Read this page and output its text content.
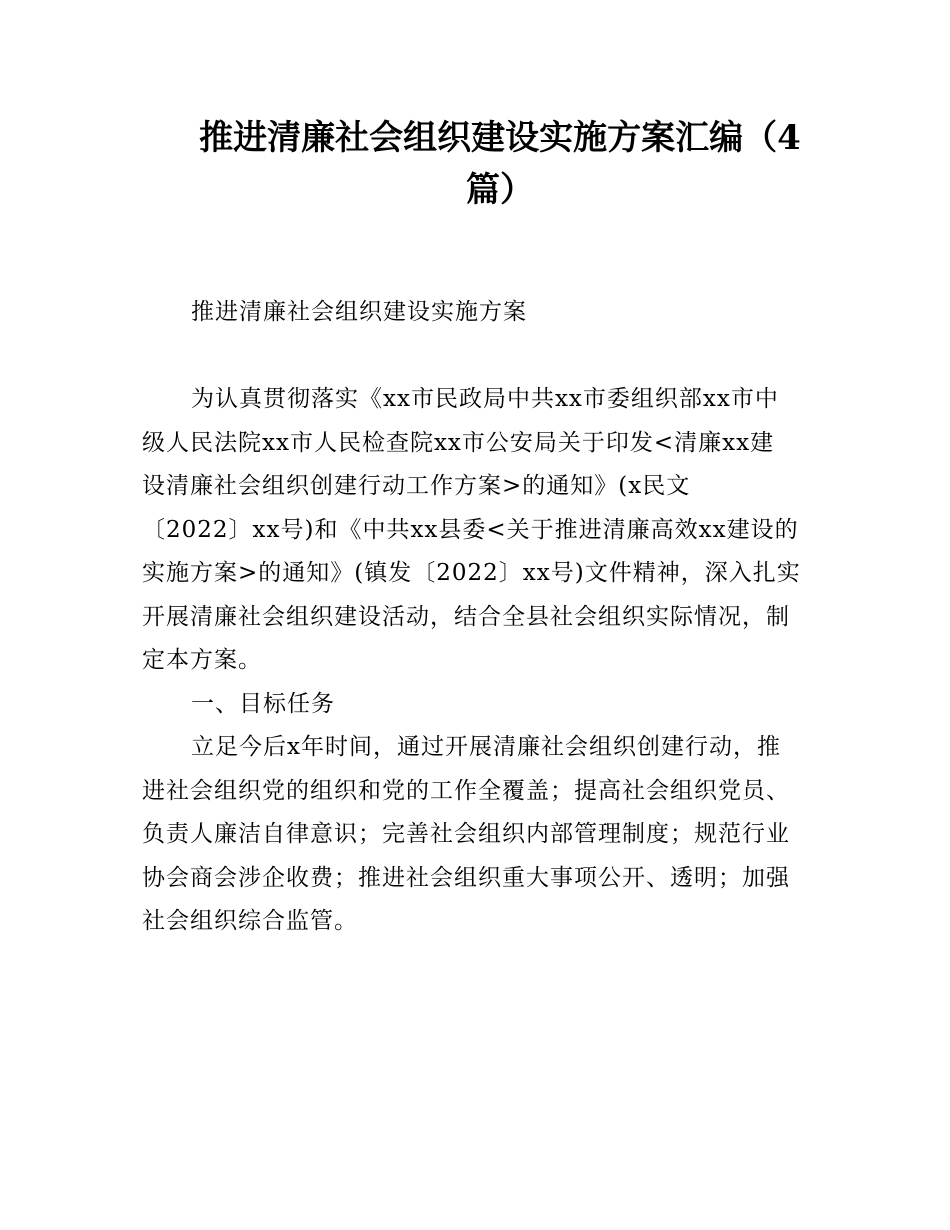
推进清廉社会组织建设实施方案汇编（4
篇）

推进清廉社会组织建设实施方案

为认真贯彻落实《xx市民政局中共xx市委组织部xx市中
级人民法院xx市人民检查院xx市公安局关于印发<清廉xx建
设清廉社会组织创建行动工作方案>的通知》(x民文
〔2022〕xx号)和《中共xx县委<关于推进清廉高效xx建设的
实施方案>的通知》(镇发〔2022〕xx号)文件精神，深入扎实
开展清廉社会组织建设活动，结合全县社会组织实际情况，制
定本方案。
一、目标任务
立足今后x年时间，通过开展清廉社会组织创建行动，推
进社会组织党的组织和党的工作全覆盖；提高社会组织党员、
负责人廉洁自律意识；完善社会组织内部管理制度；规范行业
协会商会涉企收费；推进社会组织重大事项公开、透明；加强
社会组织综合监管。
